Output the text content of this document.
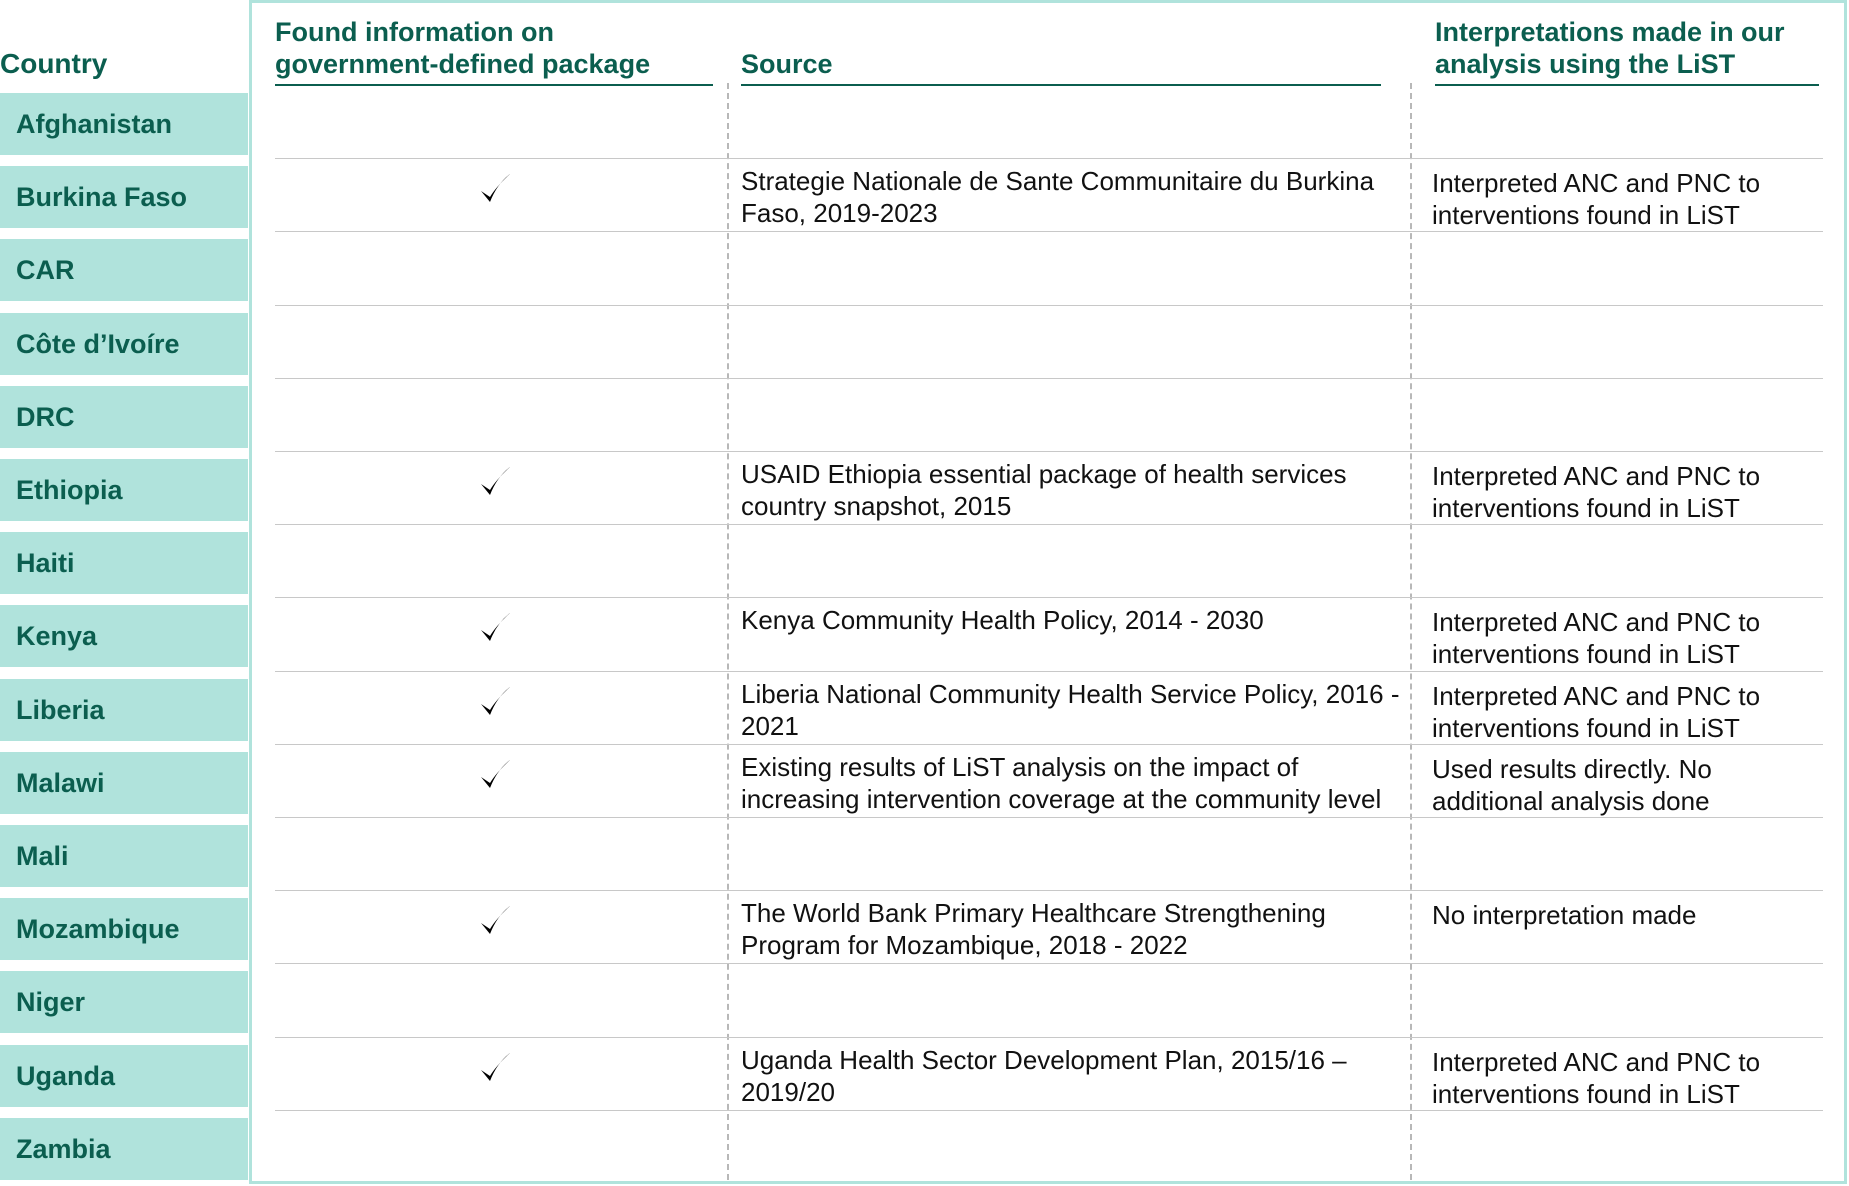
Country
Found information on government-defined package	Source
Interpretations made in our analysis using the LiST
Afghanistan
Burkina Faso
Strategie Nationale de Sante Communitaire du Burkina Faso, 2019-2023
Interpreted ANC and PNC to interventions found in LiST
CAR
Côte d’Ivoíre
DRC
Ethiopia
USAID Ethiopia essential package of health services country snapshot, 2015
Interpreted ANC and PNC to interventions found in LiST
Haiti
Kenya
Kenya Community Health Policy, 2014 - 2030	Interpreted ANC and PNC to interventions found in LiST
Liberia
Liberia National Community Health Service Policy, 2016 - 2021
Interpreted ANC and PNC to interventions found in LiST
Malawi
Existing results of LiST analysis on the impact of increasing intervention coverage at the community level
Used results directly. No additional analysis done
Mali
Mozambique
The World Bank Primary Healthcare Strengthening Program for Mozambique, 2018 - 2022
No interpretation made
Niger
Uganda
Uganda Health Sector Development Plan, 2015/16 – 2019/20
Interpreted ANC and PNC to interventions found in LiST
Zambia
